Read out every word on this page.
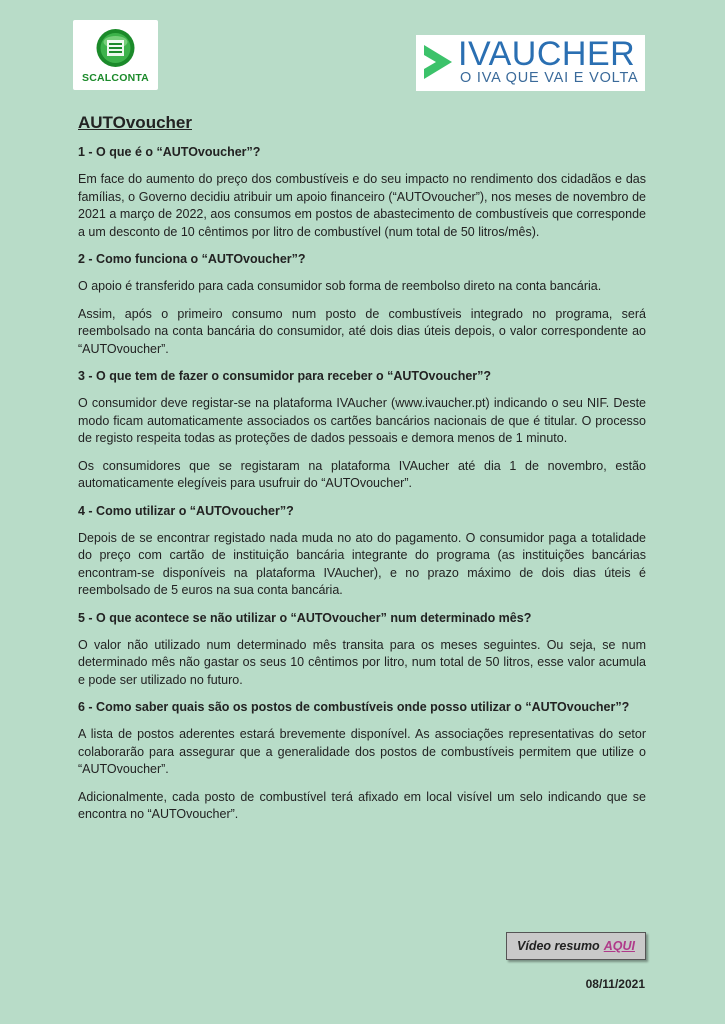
SCALCONTA
IVAUCHER
O IVA QUE VAI E VOLTA
AUTOvoucher
1 - O que é o “AUTOvoucher”?

Em face do aumento do preço dos combustíveis e do seu impacto no rendimento dos cidadãos e das famílias, o Governo decidiu atribuir um apoio financeiro (“AUTOvoucher”), nos meses de novembro de 2021 a março de 2022, aos consumos em postos de abastecimento de combustíveis que corresponde a um desconto de 10 cêntimos por litro de combustível (num total de 50 litros/mês).

2 - Como funciona o “AUTOvoucher”?

O apoio é transferido para cada consumidor sob forma de reembolso direto na conta bancária.

Assim, após o primeiro consumo num posto de combustíveis integrado no programa, será reembolsado na conta bancária do consumidor, até dois dias úteis depois, o valor correspondente ao “AUTOvoucher”.

3 - O que tem de fazer o consumidor para receber o “AUTOvoucher”?

O consumidor deve registar-se na plataforma IVAucher (www.ivaucher.pt) indicando o seu NIF. Deste modo ficam automaticamente associados os cartões bancários nacionais de que é titular. O processo de registo respeita todas as proteções de dados pessoais e demora menos de 1 minuto.

Os consumidores que se registaram na plataforma IVAucher até dia 1 de novembro, estão automaticamente elegíveis para usufruir do “AUTOvoucher”.

4 - Como utilizar o “AUTOvoucher”?

Depois de se encontrar registado nada muda no ato do pagamento. O consumidor paga a totalidade do preço com cartão de instituição bancária integrante do programa (as instituições bancárias encontram-se disponíveis na plataforma IVAucher), e no prazo máximo de dois dias úteis é reembolsado de 5 euros na sua conta bancária.

5 - O que acontece se não utilizar o “AUTOvoucher” num determinado mês?

O valor não utilizado num determinado mês transita para os meses seguintes. Ou seja, se num determinado mês não gastar os seus 10 cêntimos por litro, num total de 50 litros, esse valor acumula e pode ser utilizado no futuro.

6 - Como saber quais são os postos de combustíveis onde posso utilizar o “AUTOvoucher”?

A lista de postos aderentes estará brevemente disponível. As associações representativas do setor colaborarão para assegurar que a generalidade dos postos de combustíveis permitem que utilize o “AUTOvoucher”.

Adicionalmente, cada posto de combustível terá afixado em local visível um selo indicando que se encontra no “AUTOvoucher”.

Vídeo resumo AQUI
08/11/2021
